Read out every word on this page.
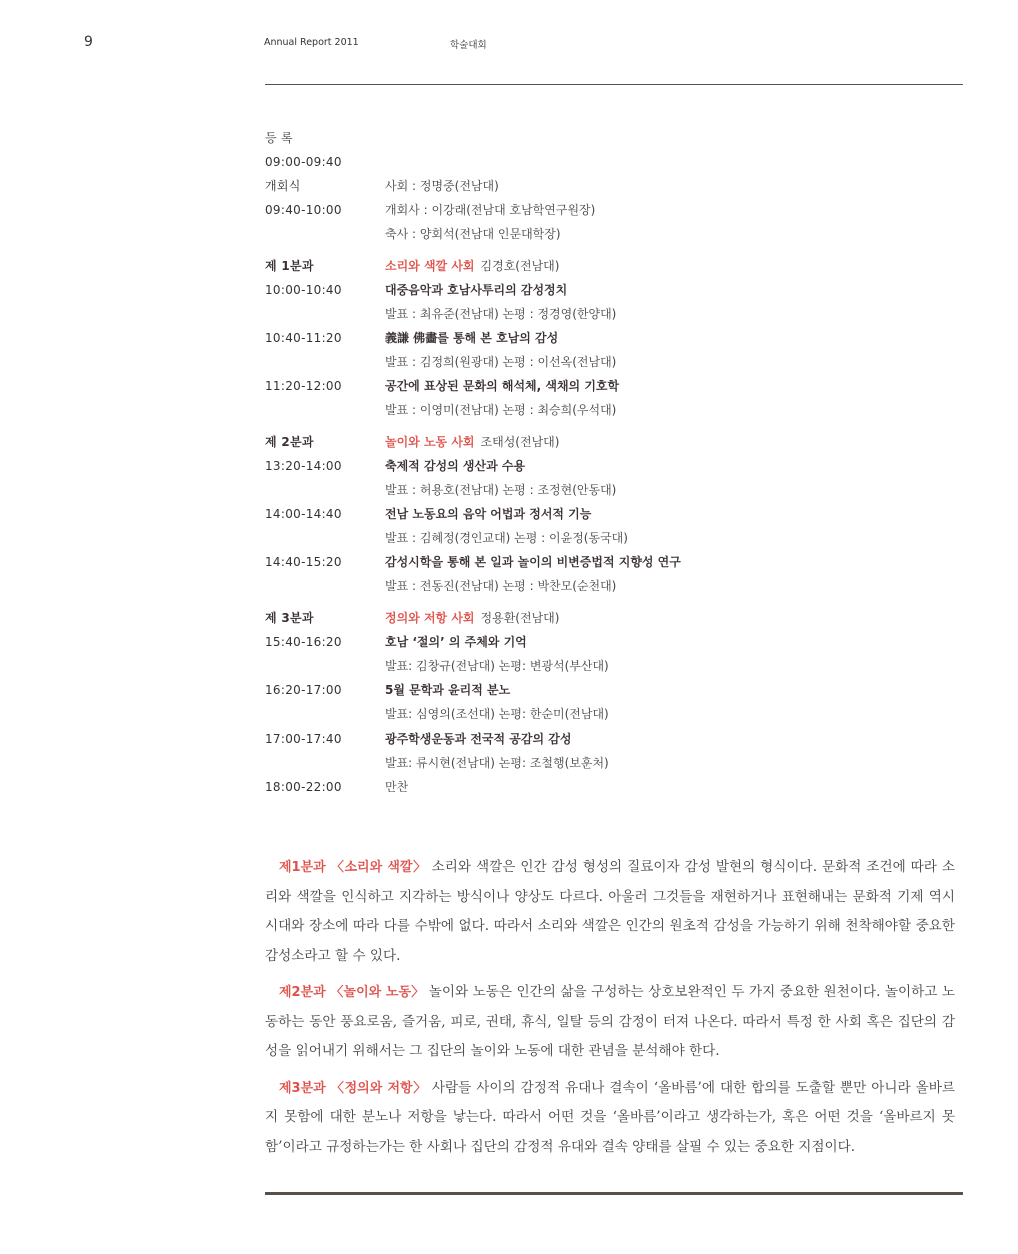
9	Annual Report 2011	학술대회
등 록
09:00-09:40
개회식	사회 : 정명중(전남대)
09:40-10:00	개회사 : 이강래(전남대 호남학연구원장)
축사 : 양회석(전남대 인문대학장)
제 1분과	소리와 색깔 사회 김경호(전남대)
10:00-10:40	대중음악과 호남사투리의 감성정치
발표 : 최유준(전남대) 논평 : 정경영(한양대)
10:40-11:20	義謙 佛畵를 통해 본 호남의 감성
발표 : 김정희(원광대) 논평 : 이선옥(전남대)
11:20-12:00	공간에 표상된 문화의 해석체, 색채의 기호학
발표 : 이영미(전남대) 논평 : 최승희(우석대)
제 2분과	놀이와 노동 사회 조태성(전남대)
13:20-14:00	축제적 감성의 생산과 수용
발표 : 허용호(전남대) 논평 : 조정현(안동대)
14:00-14:40	전남 노동요의 음악 어법과 정서적 기능
발표 : 김혜정(경인교대) 논평 : 이윤정(동국대)
14:40-15:20	감성시학을 통해 본 일과 놀이의 비변증법적 지향성 연구
발표 : 전동진(전남대) 논평 : 박찬모(순천대)
제 3분과	정의와 저항 사회 정용환(전남대)
15:40-16:20	호남 ‘절의’ 의 주체와 기억
발표: 김창규(전남대) 논평: 변광석(부산대)
16:20-17:00	5월 문학과 윤리적 분노
발표: 심영의(조선대) 논평: 한순미(전남대)
17:00-17:40	광주학생운동과 전국적 공감의 감성
발표: 류시현(전남대) 논평: 조철행(보훈처)
18:00-22:00	만찬

제1분과 〈소리와 색깔〉 소리와 색깔은 인간 감성 형성의 질료이자 감성 발현의 형식이다. 문화적 조건에 따라 소리와 색깔을 인식하고 지각하는 방식이나 양상도 다르다. 아울러 그것들을 재현하거나 표현해내는 문화적 기제 역시 시대와 장소에 따라 다를 수밖에 없다. 따라서 소리와 색깔은 인간의 원초적 감성을 가능하기 위해 천착해야할 중요한 감성소라고 할 수 있다.

제2분과 〈놀이와 노동〉 놀이와 노동은 인간의 삶을 구성하는 상호보완적인 두 가지 중요한 원천이다. 놀이하고 노동하는 동안 풍요로움, 즐거움, 피로, 권태, 휴식, 일탈 등의 감정이 터져 나온다. 따라서 특정 한 사회 혹은 집단의 감성을 읽어내기 위해서는 그 집단의 놀이와 노동에 대한 관념을 분석해야 한다.

제3분과 〈정의와 저항〉 사람들 사이의 감정적 유대나 결속이 ‘올바름’에 대한 합의를 도출할 뿐만 아니라 올바르지 못함에 대한 분노나 저항을 낳는다. 따라서 어떤 것을 ‘올바름’이라고 생각하는가, 혹은 어떤 것을 ‘올바르지 못함’이라고 규정하는가는 한 사회나 집단의 감정적 유대와 결속 양태를 살필 수 있는 중요한 지점이다.
